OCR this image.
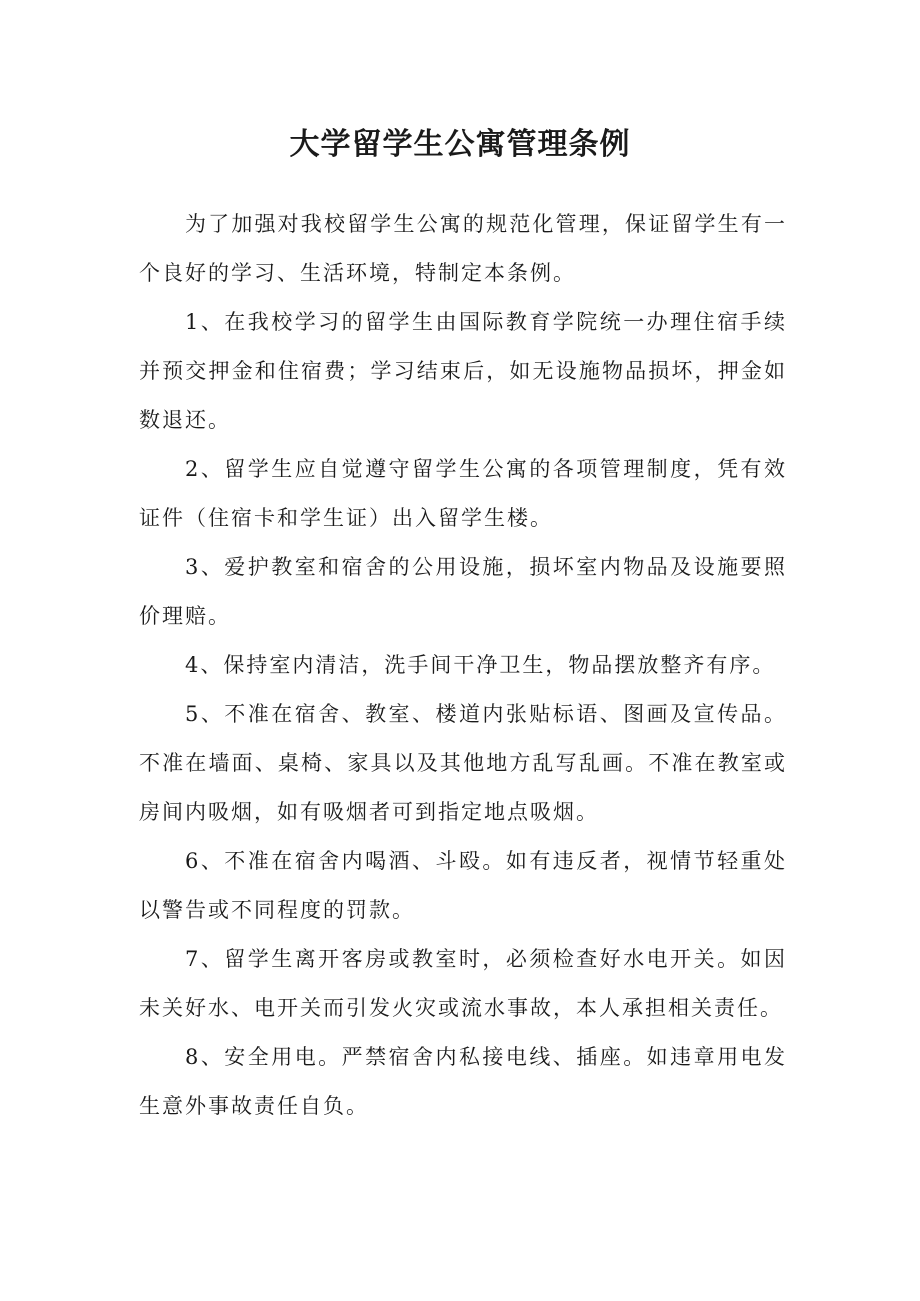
大学留学生公寓管理条例

为了加强对我校留学生公寓的规范化管理，保证留学生有一个良好的学习、生活环境，特制定本条例。

1、在我校学习的留学生由国际教育学院统一办理住宿手续并预交押金和住宿费；学习结束后，如无设施物品损坏，押金如数退还。

2、留学生应自觉遵守留学生公寓的各项管理制度，凭有效证件（住宿卡和学生证）出入留学生楼。

3、爱护教室和宿舍的公用设施，损坏室内物品及设施要照价理赔。

4、保持室内清洁，洗手间干净卫生，物品摆放整齐有序。

5、不准在宿舍、教室、楼道内张贴标语、图画及宣传品。不准在墙面、桌椅、家具以及其他地方乱写乱画。不准在教室或房间内吸烟，如有吸烟者可到指定地点吸烟。

6、不准在宿舍内喝酒、斗殴。如有违反者，视情节轻重处以警告或不同程度的罚款。

7、留学生离开客房或教室时，必须检查好水电开关。如因未关好水、电开关而引发火灾或流水事故，本人承担相关责任。

8、安全用电。严禁宿舍内私接电线、插座。如违章用电发生意外事故责任自负。
